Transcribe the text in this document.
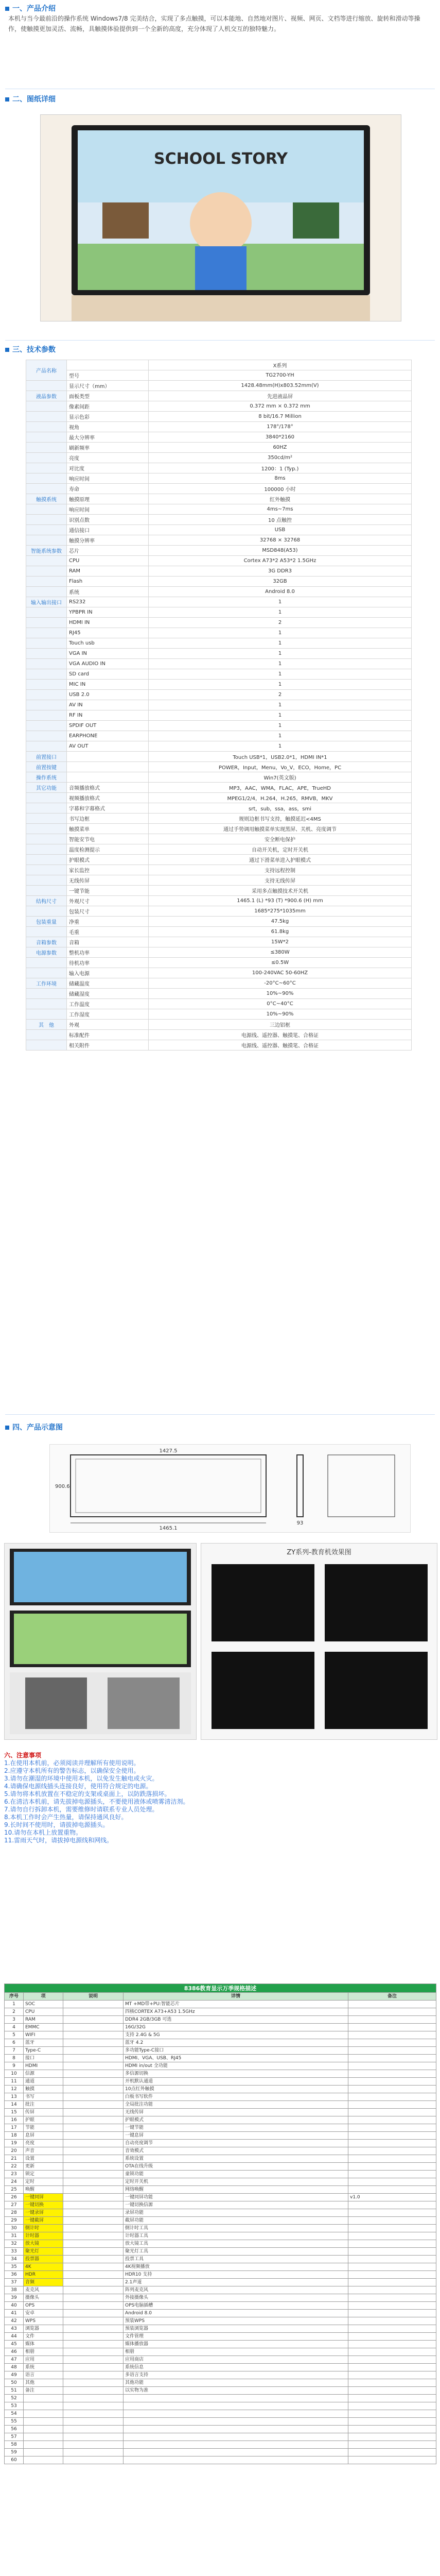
一、产品介绍
本机与当今最前沿的操作系统 Windows7/8 完美结合，实现了多点触摸，可以本能地、自然地对图片、视频、网页、文档等进行缩放、旋转和滑动等操作，使触摸更加灵活、流畅，具触摸体验提供到一个全新的高度，充分体现了人机交互的独特魅力。
二、图纸详细
SCHOOL STORY
三、技术参数
产品名称		X系列
	型号	TG2700-YH
	显示尺寸（mm）	1428.48mm(H)x803.52mm(V)
液晶参数	面板类型	先进液晶屏
	像素间距	0.372 mm × 0.372 mm
	显示色彩	8 bit/16.7 Million
	视角	178°/178°
	最大分辨率	3840*2160
	刷新频率	60HZ
	亮度	350cd/m²
	对比度	1200：1 (Typ.)
	响应时间	8ms
	寿命	100000 小时
触摸系统	触摸原理	红外触摸
	响应时间	4ms~7ms
	识别点数	10 点触控
	通信接口	USB
	触摸分辨率	32768 × 32768
智能系统参数	芯片	MSD848(A53)
	CPU	Cortex A73*2 A53*2 1.5GHz
	RAM	3G DDR3
	Flash	32GB
	系统	Android 8.0
输入输出接口	RS232	1
	YPBPR IN	1
	HDMI IN	2
	RJ45	1
	Touch usb	1
	VGA IN	1
	VGA AUDIO IN	1
	SD card	1
	MIC IN	1
	USB 2.0	2
	AV IN	1
	RF IN	1
	SPDIF OUT	1
	EARPHONE	1
	AV OUT	1
前置接口		Touch USB*1，USB2.0*1，HDMI IN*1
前置按键		POWER，Input，Menu，Vo_V，ECO，Home，PC
操作系统		Win7(英文版)
其它功能	音频播放格式	MP3，AAC，WMA，FLAC，APE，TrueHD
	视频播放格式	MPEG1/2/4，H.264，H.265，RMVB，MKV
	字幕和字幕格式	srt，sub，ssa，ass，smi
	书写边框	规则边框书写支持，触摸延迟<4MS
	触摸菜单	通过手势调用触摸菜单实现黑屏、关机、亮度调节
	智能安节电	安全断电保护
	温度检测提示	自动开关机，定时开关机
	护眼模式	通过下滑菜单进入护眼模式
	家长监控	支持远程控制
	无线传屏	支持无线传屏
	一键节能	采用多点触摸技术开关机
结构尺寸	外观尺寸	1465.1 (L) *93 (T) *900.6 (H) mm
	包装尺寸	1685*275*1035mm
包装重量	净重	47.5kg
	毛重	61.8kg
音箱参数	音箱	15W*2
电源参数	整机功率	≤380W
	待机功率	≤0.5W
	输入电源	100-240VAC 50-60HZ
工作环境	储藏温度	-20°C~60°C
	储藏湿度	10%~90%
	工作温度	0°C~40°C
	工作湿度	10%~90%
其　他	外观	三边铝框
	标准配件	电源线、遥控器、触摸笔、合格证
	相关附件	电源线、遥控器、触摸笔、合格证
四、产品示意图
1465.1
1427.5
900.6
93
ZY系列-教育机效果图
六、注意事项
1.在使用本机前，必须阅读并理解所有使用说明。
2.应遵守本机所有的警告标志，以确保安全使用。
3.请勿在潮湿的环境中使用本机，以免发生触电或火灾。
4.请确保电源线插头连接良好，使用符合规定的电源。
5.请勿将本机放置在不稳定的支架或桌面上，以防跌落损坏。
6.在清洁本机前，请先拔掉电源插头，不要使用液体或喷雾清洁剂。
7.请勿自行拆卸本机，需要维修时请联系专业人员处理。
8.本机工作时会产生热量，请保持通风良好。
9.长时间不使用时，请拔掉电源插头。
10.请勿在本机上放置重物。
11.雷雨天气时，请拔掉电源线和网线。
8386教育显示万季规格描述				
序号	项	说明	详情	备注
1	SOC		MT +MD带+PU:智能芯片	
2	CPU		四核CORTEX A73+A53 1.5GHz	
3	RAM		DDR4 2GB/3GB 可选	
4	EMMC		16G/32G	
5	WIFI		支持 2.4G & 5G	
6	蓝牙		蓝牙 4.2	
7	Type-C		多功能Type-C接口	
8	接口		HDMI、VGA、USB、RJ45	
9	HDMI		HDMI in/out 全功能	
10	信源		多信源切换	
11	通道		开机默认通道	
12	触摸		10点红外触摸	
13	书写		白板书写软件	
14	批注		全局批注功能	
15	传屏		无线传屏	
16	护眼		护眼模式	
17	节能		一键节能	
18	息屏		一键息屏	
19	亮度		自动亮度调节	
20	声音		音效模式	
21	设置		系统设置	
22	更新		OTA在线升级	
23	锁定		童锁功能	
24	定时		定时开关机	
25	唤醒		网络唤醒	
26	一键同屏		一键同屏功能	v1.0
27	一键切换		一键切换信源	
28	一键录屏		录屏功能	
29	一键截屏		截屏功能	
30	倒计时		倒计时工具	
31	计时器		计时器工具	
32	放大镜		放大镜工具	
33	聚光灯		聚光灯工具	
34	投票器		投票工具	
35	4K		4K视频播放	
36	HDR		HDR10 支持	
37	音频		2.1声道	
38	麦克风		阵列麦克风	
39	摄像头		外接摄像头	
40	OPS		OPS电脑插槽	
41	安卓		Android 8.0	
42	WPS		预装WPS	
43	浏览器		预装浏览器	
44	文件		文件管理	
45	媒体		媒体播放器	
46	相册		相册	
47	应用		应用商店	
48	系统		系统信息	
49	语言		多语言支持	
50	其他		其他功能	
51	备注		以实物为准	
52				
53				
54				
55				
56				
57				
58				
59				
60				
